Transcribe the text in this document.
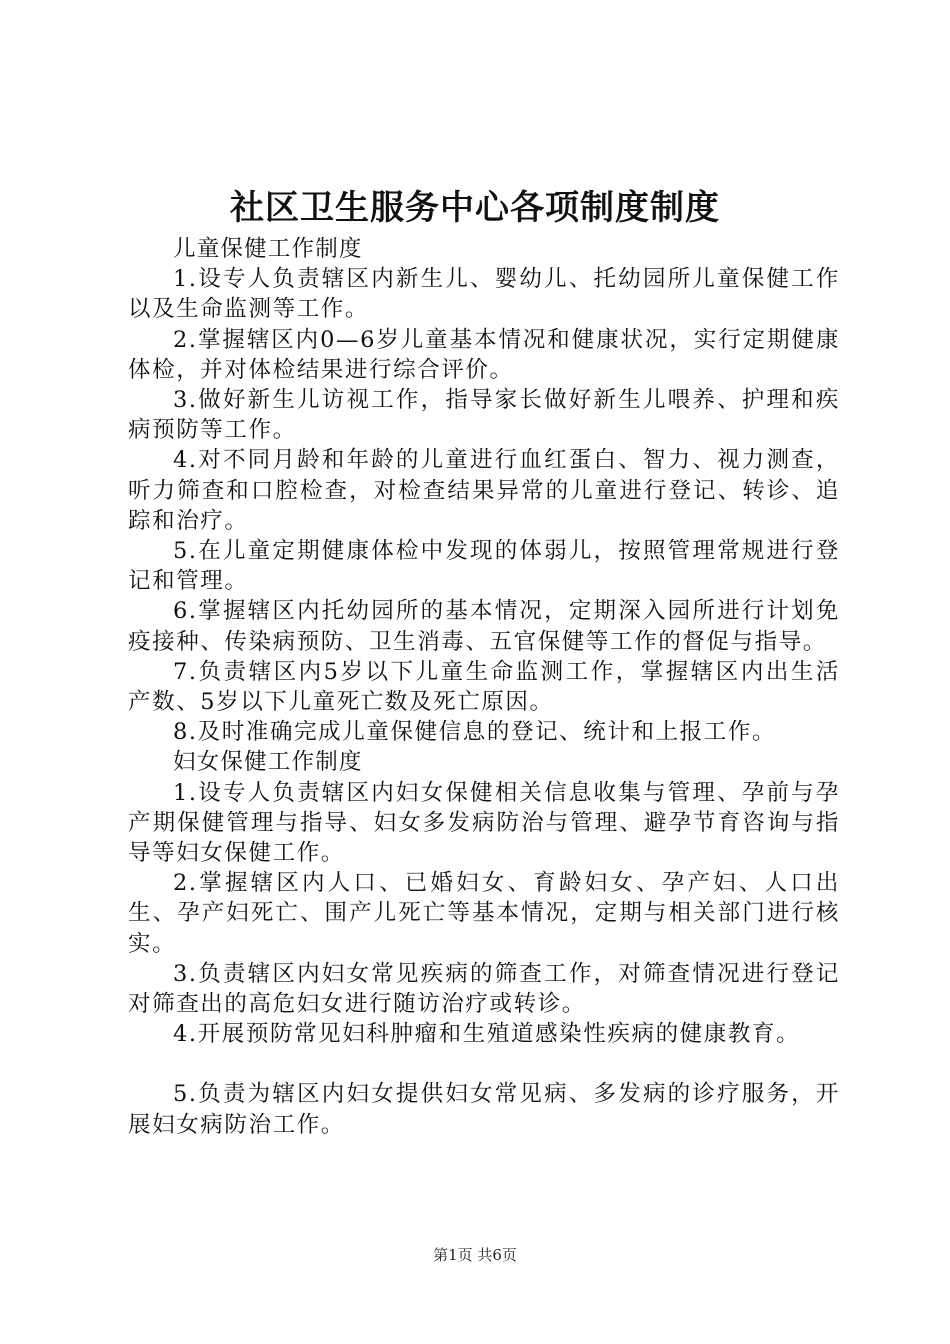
社区卫生服务中心各项制度制度

儿童保健工作制度

1.设专人负责辖区内新生儿、婴幼儿、托幼园所儿童保健工作以及生命监测等工作。

2.掌握辖区内0—6岁儿童基本情况和健康状况，实行定期健康体检，并对体检结果进行综合评价。

3.做好新生儿访视工作，指导家长做好新生儿喂养、护理和疾病预防等工作。

4.对不同月龄和年龄的儿童进行血红蛋白、智力、视力测查，听力筛查和口腔检查，对检查结果异常的儿童进行登记、转诊、追踪和治疗。

5.在儿童定期健康体检中发现的体弱儿，按照管理常规进行登记和管理。

6.掌握辖区内托幼园所的基本情况，定期深入园所进行计划免疫接种、传染病预防、卫生消毒、五官保健等工作的督促与指导。

7.负责辖区内5岁以下儿童生命监测工作，掌握辖区内出生活产数、5岁以下儿童死亡数及死亡原因。

8.及时准确完成儿童保健信息的登记、统计和上报工作。

妇女保健工作制度

1.设专人负责辖区内妇女保健相关信息收集与管理、孕前与孕产期保健管理与指导、妇女多发病防治与管理、避孕节育咨询与指导等妇女保健工作。

2.掌握辖区内人口、已婚妇女、育龄妇女、孕产妇、人口出生、孕产妇死亡、围产儿死亡等基本情况，定期与相关部门进行核实。

3.负责辖区内妇女常见疾病的筛查工作，对筛查情况进行登记对筛查出的高危妇女进行随访治疗或转诊。

4.开展预防常见妇科肿瘤和生殖道感染性疾病的健康教育。

5.负责为辖区内妇女提供妇女常见病、多发病的诊疗服务，开展妇女病防治工作。

第1页 共6页
